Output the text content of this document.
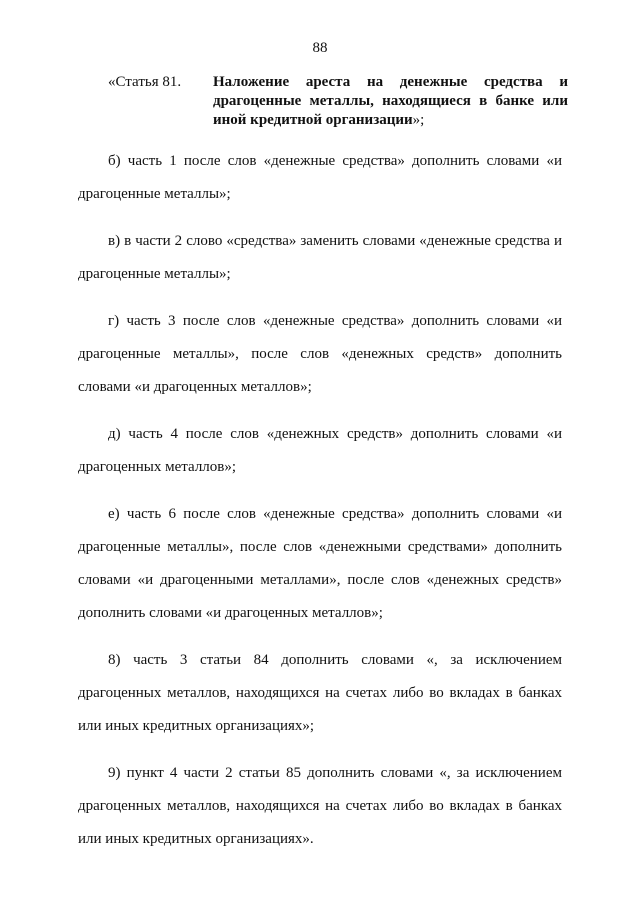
88
«Статья 81.	Наложение ареста на денежные средства и драгоценные металлы, находящиеся в банке или иной кредитной организации»;

б) часть 1 после слов «денежные средства» дополнить словами «и драгоценные металлы»;

в) в части 2 слово «средства» заменить словами «денежные средства и драгоценные металлы»;

г) часть 3 после слов «денежные средства» дополнить словами «и драгоценные металлы», после слов «денежных средств» дополнить словами «и драгоценных металлов»;

д) часть 4 после слов «денежных средств» дополнить словами «и драгоценных металлов»;

е) часть 6 после слов «денежные средства» дополнить словами «и драгоценные металлы», после слов «денежными средствами» дополнить словами «и драгоценными металлами», после слов «денежных средств» дополнить словами «и драгоценных металлов»;

8) часть 3 статьи 84 дополнить словами «, за исключением драгоценных металлов, находящихся на счетах либо во вкладах в банках или иных кредитных организациях»;

9) пункт 4 части 2 статьи 85 дополнить словами «, за исключением драгоценных металлов, находящихся на счетах либо во вкладах в банках или иных кредитных организациях».
